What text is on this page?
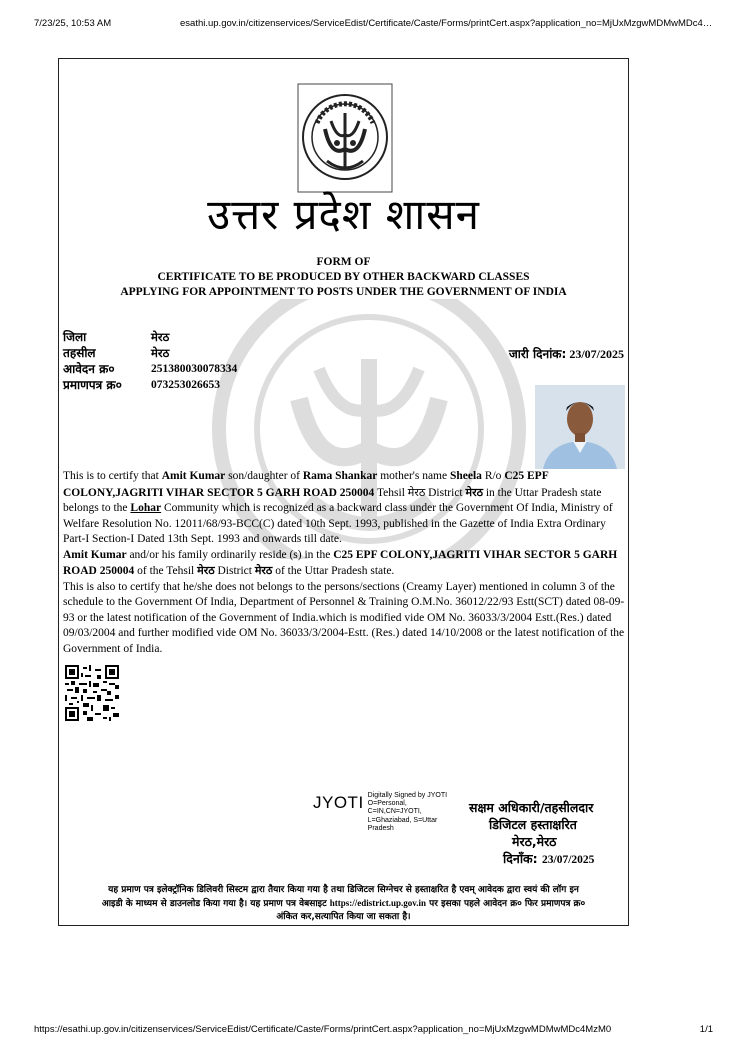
7/23/25, 10:53 AM	esathi.up.gov.in/citizenservices/ServiceEdist/Certificate/Caste/Forms/printCert.aspx?application_no=MjUxMzgwMDMwMDc4…
उत्तर प्रदेश शासन
FORM OF
CERTIFICATE TO BE PRODUCED BY OTHER BACKWARD CLASSES
APPLYING FOR APPOINTMENT TO POSTS UNDER THE GOVERNMENT OF INDIA
जिला	मेरठ
तहसील	मेरठ
आवेदन क्र०	251380030078334
प्रमाणपत्र क्र०	073253026653
जारी दिनांक: 23/07/2025
This is to certify that Amit Kumar son/daughter of Rama Shankar mother's name Sheela R/o C25 EPF COLONY,JAGRITI VIHAR SECTOR 5 GARH ROAD 250004 Tehsil मेरठ District मेरठ in the Uttar Pradesh state belongs to the Lohar Community which is recognized as a backward class under the Government Of India, Ministry of Welfare Resolution No. 12011/68/93-BCC(C) dated 10th Sept. 1993, published in the Gazette of India Extra Ordinary Part-I Section-I Dated 13th Sept. 1993 and onwards till date.
Amit Kumar and/or his family ordinarily reside (s) in the C25 EPF COLONY,JAGRITI VIHAR SECTOR 5 GARH ROAD 250004 of the Tehsil मेरठ District मेरठ of the Uttar Pradesh state.
This is also to certify that he/she does not belongs to the persons/sections (Creamy Layer) mentioned in column 3 of the schedule to the Government Of India, Department of Personnel & Training O.M.No. 36012/22/93 Estt(SCT) dated 08-09-93 or the latest notification of the Government of India.which is modified vide OM No. 36033/3/2004 Estt.(Res.) dated 09/03/2004 and further modified vide OM No. 36033/3/2004-Estt. (Res.) dated 14/10/2008 or the latest notification of the Government of India.
JYOTI Digitally Signed by JYOTI O=Personal, C=IN,CN=JYOTI, L=Ghaziabad, S=Uttar Pradesh
सक्षम अधिकारी/तहसीलदार
डिजिटल हस्ताक्षरित
मेरठ,मेरठ
दिनाँक: 23/07/2025
यह प्रमाण पत्र इलेक्ट्रॉनिक डिलिवरी सिस्टम द्वारा तैयार किया गया है तथा डिजिटल सिग्नेचर से हस्ताक्षरित है एवम् आवेदक द्वारा स्वयं की लॉग इन
आइडी के माध्यम से डाउनलोड किया गया है। यह प्रमाण पत्र वेबसाइट https://edistrict.up.gov.in पर इसका पहले आवेदन क्र० फिर प्रमाणपत्र क्र०
अंकित कर,सत्यापित किया जा सकता है।
https://esathi.up.gov.in/citizenservices/ServiceEdist/Certificate/Caste/Forms/printCert.aspx?application_no=MjUxMzgwMDMwMDc4MzM0	1/1
